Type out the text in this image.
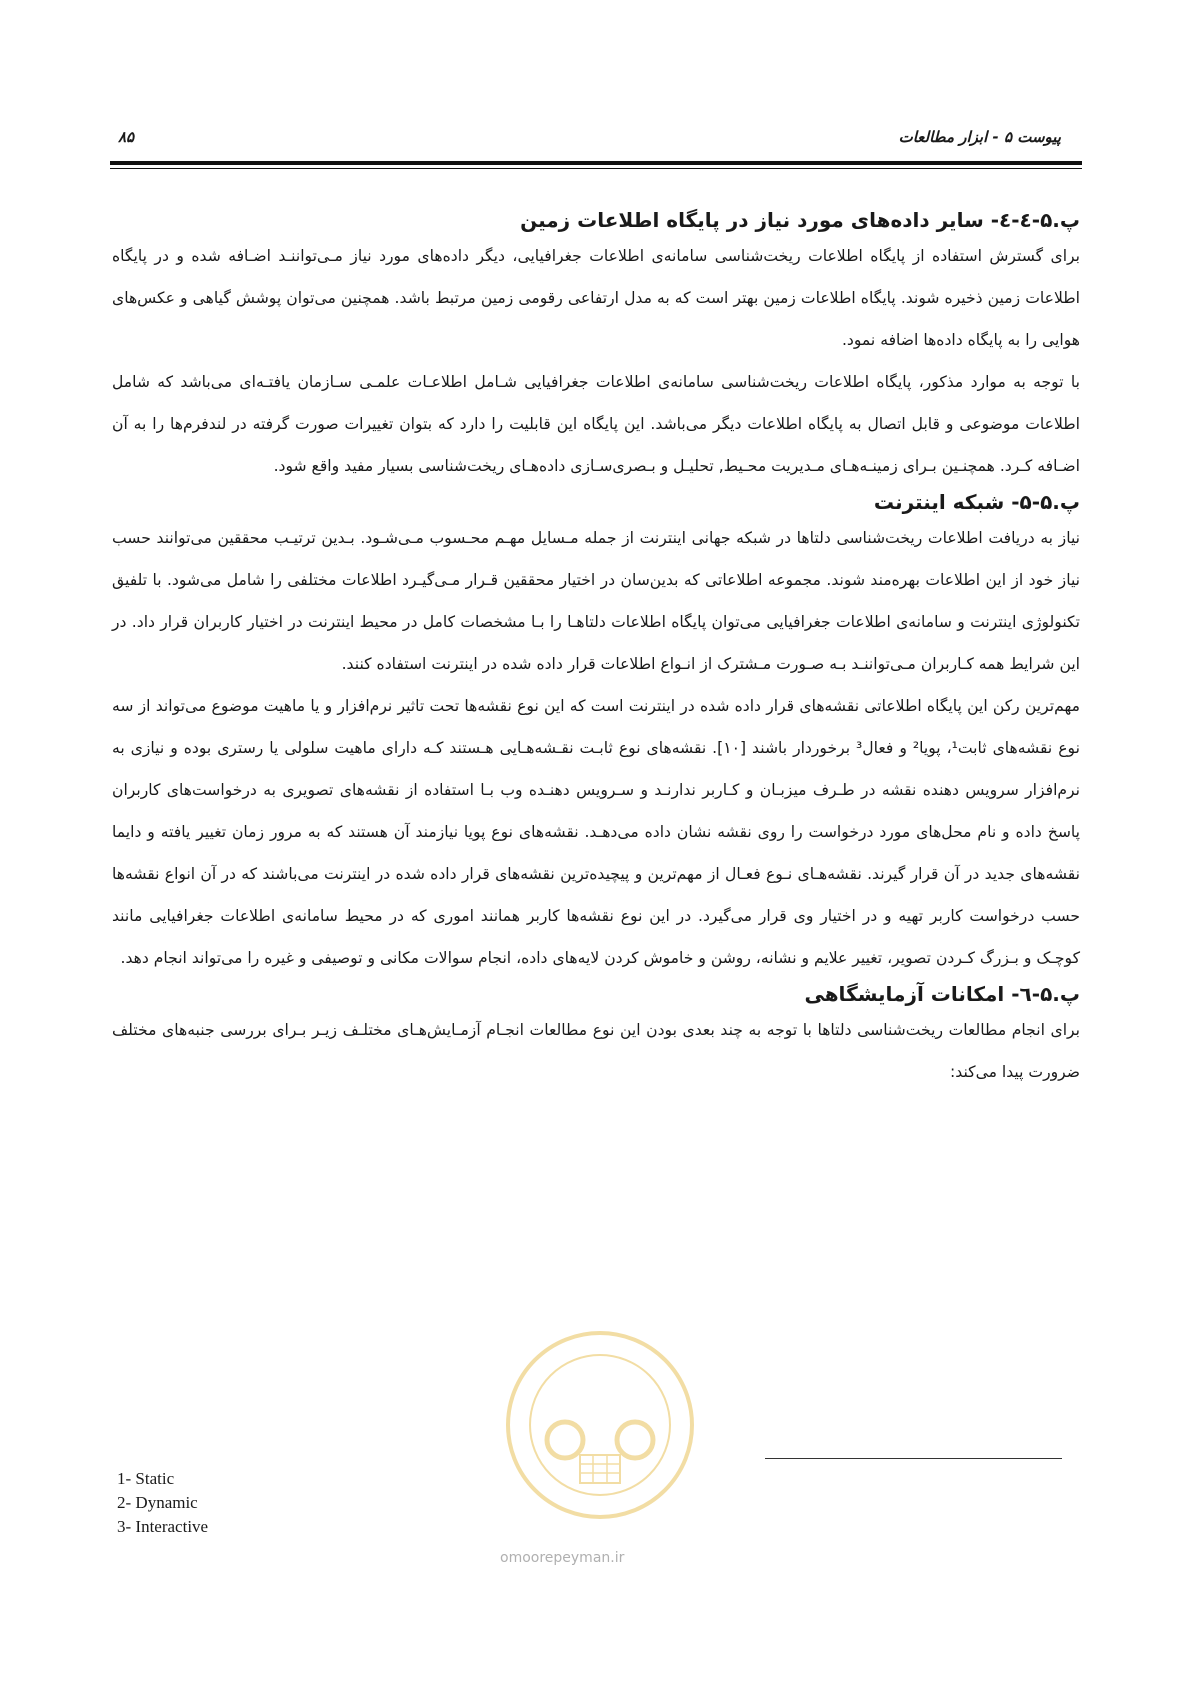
پیوست ۵ - ابزار مطالعات
۸۵
پ.۵-٤-٤- سایر داده‌های مورد نیاز در پایگاه اطلاعات زمین

برای گسترش استفاده از پایگاه اطلاعات ریخت‌شناسی سامانه‌ی اطلاعات جغرافیایی، دیگر داده‌های مورد نیاز مـی‌تواننـد اضـافه شده و در پایگاه اطلاعات زمین ذخیره شوند. پایگاه اطلاعات زمین بهتر است که به مدل ارتفاعی رقومی زمین مرتبط باشد. همچنین می‌توان پوشش گیاهی و عکس‌های هوایی را به پایگاه داده‌ها اضافه نمود.

با توجه به موارد مذکور، پایگاه اطلاعات ریخت‌شناسی سامانه‌ی اطلاعات جغرافیایی شـامل اطلاعـات علمـی سـازمان یافتـه‌ای می‌باشد که شامل اطلاعات موضوعی و قابل اتصال به پایگاه اطلاعات دیگر می‌باشد. این پایگاه این قابلیت را دارد که بتوان تغییرات صورت گرفته در لندفرم‌ها را به آن اضـافه کـرد. همچنـین بـرای زمینـه‌هـای مـدیریت محـیط, تحلیـل و بـصری‌سـازی داده‌هـای ریخت‌شناسی بسیار مفید واقع شود.

پ.۵-۵- شبکه اینترنت

نیاز به دریافت اطلاعات ریخت‌شناسی دلتاها در شبکه جهانی اینترنت از جمله مـسایل مهـم محـسوب مـی‌شـود. بـدین ترتیـب محققین می‌توانند حسب نیاز خود از این اطلاعات بهره‌مند شوند. مجموعه اطلاعاتی که بدین‌سان در اختیار محققین قـرار مـی‌گیـرد اطلاعات مختلفی را شامل می‌شود. با تلفیق تکنولوژی اینترنت و سامانه‌ی اطلاعات جغرافیایی می‌توان پایگاه اطلاعات دلتاهـا را بـا مشخصات کامل در محیط اینترنت در اختیار کاربران قرار داد. در این شرایط همه کـاربران مـی‌تواننـد بـه صـورت مـشترک از انـواع اطلاعات قرار داده شده در اینترنت استفاده کنند.

مهم‌ترین رکن این پایگاه اطلاعاتی نقشه‌های قرار داده شده در اینترنت است که این نوع نقشه‌ها تحت تاثیر نرم‌افزار و یا ماهیت موضوع می‌تواند از سه نوع نقشه‌های ثابت¹، پویا² و فعال³ برخوردار باشند [۱۰]. نقشه‌های نوع ثابـت نقـشه‌هـایی هـستند کـه دارای ماهیت سلولی یا رستری بوده و نیازی به نرم‌افزار سرویس دهنده نقشه در طـرف میزبـان و کـاربر ندارنـد و سـرویس دهنـده وب بـا استفاده از نقشه‌های تصویری به درخواست‌های کاربران پاسخ داده و نام محل‌های مورد درخواست را روی نقشه نشان داده می‌دهـد. نقشه‌های نوع پویا نیازمند آن هستند که به مرور زمان تغییر یافته و دایما نقشه‌های جدید در آن قرار گیرند. نقشه‌هـای نـوع فعـال از مهم‌ترین و پیچیده‌ترین نقشه‌های قرار داده شده در اینترنت می‌باشند که در آن انواع نقشه‌ها حسب درخواست کاربر تهیه و در اختیار وی قرار می‌گیرد. در این نوع نقشه‌ها کاربر همانند اموری که در محیط سامانه‌ی اطلاعات جغرافیایی مانند کوچـک و بـزرگ کـردن تصویر، تغییر علایم و نشانه، روشن و خاموش کردن لایه‌های داده، انجام سوالات مکانی و توصیفی و غیره را می‌تواند انجام دهد.

پ.۵-٦- امکانات آزمایشگاهی

برای انجام مطالعات ریخت‌شناسی دلتاها با توجه به چند بعدی بودن این نوع مطالعات انجـام آزمـایش‌هـای مختلـف زیـر بـرای بررسی جنبه‌های مختلف ضرورت پیدا می‌کند:

omoorepeyman.ir
1- Static
2- Dynamic
3- Interactive
